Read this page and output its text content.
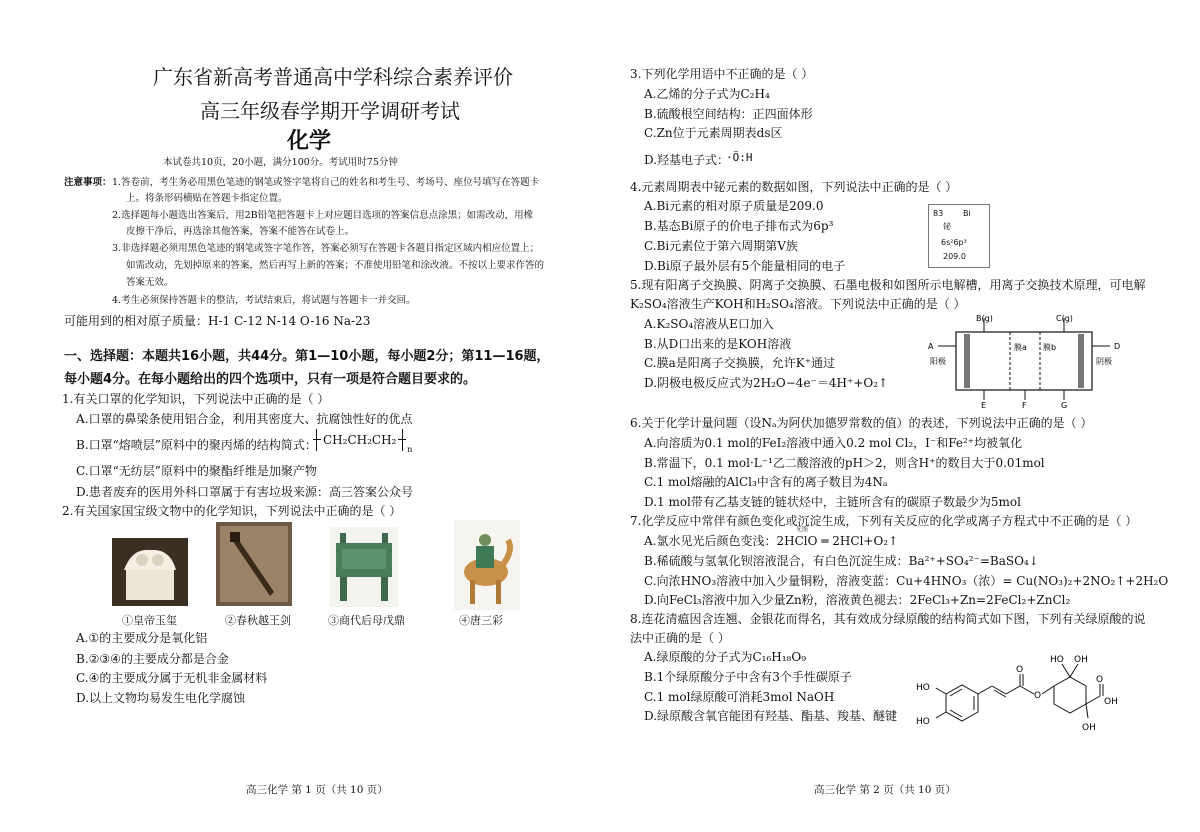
广东省新高考普通高中学科综合素养评价
高三年级春学期开学调研考试
化学
本试卷共10页，20小题，满分100分。考试用时75分钟
注意事项： 1.答卷前，考生务必用黑色笔迹的钢笔或签字笔将自己的姓名和考生号、考场号、座位号填写在答题卡
上。将条形码横贴在答题卡指定位置。
2.选择题每小题选出答案后，用2B铅笔把答题卡上对应题目选项的答案信息点涂黑；如需改动，用橡
皮擦干净后，再选涂其他答案，答案不能答在试卷上。
3.非选择题必须用黑色笔迹的钢笔或签字笔作答，答案必须写在答题卡各题目指定区域内相应位置上；
如需改动，先划掉原来的答案，然后再写上新的答案；不准使用铅笔和涂改液。不按以上要求作答的
答案无效。
4.考生必须保持答题卡的整洁，考试结束后，将试题与答题卡一并交回。
可能用到的相对原子质量：H-1 C-12 N-14 O-16 Na-23
一、选择题：本题共16小题，共44分。第1—10小题，每小题2分；第11—16题，
每小题4分。在每小题给出的四个选项中，只有一项是符合题目要求的。
1.有关口罩的化学知识，下列说法中正确的是（ ）
A.口罩的鼻梁条使用铝合金，利用其密度大、抗腐蚀性好的优点
B.口罩“熔喷层”原料中的聚丙烯的结构简式： CH₂CH₂CH₂
$_n$
C.口罩“无纺层”原料中的聚酯纤维是加聚产物
D.患者废弃的医用外科口罩属于有害垃圾来源：高三答案公众号
2.有关国家国宝级文物中的化学知识，下列说法中正确的是（ ）
①皇帝玉玺	②春秋越王剑	③商代后母戊鼎	④唐三彩
A.①的主要成分是氧化铝
B.②③④的主要成分都是合金
C.④的主要成分属于无机非金属材料
D.以上文物均易发生电化学腐蚀
高三化学 第 1 页（共 10 页）
3.下列化学用语中不正确的是（ ）
A.乙烯的分子式为C₂H₄
B.硫酸根空间结构：正四面体形
C.Zn位于元素周期表ds区
D.羟基电子式：
·Ö:H
4.元素周期表中铋元素的数据如图，下列说法中正确的是（ ）
A.Bi元素的相对原子质量是209.0
B.基态Bi原子的价电子排布式为6p³
C.Bi元素位于第六周期第V族
D.Bi原子最外层有5个能量相同的电子
83 Bi
铋
6s²6p³
209.0
5.现有阳离子交换膜、阴离子交换膜、石墨电极和如图所示电解槽，用离子交换技术原理，可电解
K₂SO₄溶液生产KOH和H₂SO₄溶液。下列说法中正确的是（ ）
A.K₂SO₄溶液从E口加入
B.从D口出来的是KOH溶液
C.膜a是阳离子交换膜，允许K⁺通过
D.阴极电极反应式为2H₂O−4e⁻＝4H⁺+O₂↑
B(g)	C(g)
A	D
膜a 膜b
阳极	阴极
E	F	G
6.关于化学计量问题（设Nₐ为阿伏加德罗常数的值）的表述，下列说法中正确的是（ ）
A.向溶质为0.1 mol的FeI₂溶液中通入0.2 mol Cl₂，I⁻和Fe²⁺均被氧化
B.常温下，0.1 mol·L⁻¹乙二酸溶液的pH＞2，则含H⁺的数目大于0.01mol
C.1 mol熔融的AlCl₃中含有的离子数目为4Nₐ
D.1 mol带有乙基支链的链状烃中，主链所含有的碳原子数最少为5mol
7.化学反应中常伴有颜色变化或沉淀生成，下列有关反应的化学或离子方程式中不正确的是（ ）
A.氯水见光后颜色变浅：2HClO ═ 2HCl+O₂↑
光照
B.稀硫酸与氢氧化钡溶液混合，有白色沉淀生成：Ba²⁺+SO₄²⁻=BaSO₄↓
C.向浓HNO₃溶液中加入少量铜粉，溶液变蓝：Cu+4HNO₃（浓）= Cu(NO₃)₂+2NO₂↑+2H₂O
D.向FeCl₃溶液中加入少量Zn粉，溶液黄色褪去：2FeCl₃+Zn=2FeCl₂+ZnCl₂
8.连花清瘟因含连翘、金银花而得名，其有效成分绿原酸的结构简式如下图，下列有关绿原酸的说
法中正确的是（ ）
A.绿原酸的分子式为C₁₆H₁₈O₉
B.1个绿原酸分子中含有3个手性碳原子
C.1 mol绿原酸可消耗3mol NaOH
D.绿原酸含氧官能团有羟基、酯基、羧基、醚键
HO
HO
O
O
HO OH
O
OH
OH
高三化学 第 2 页（共 10 页）
